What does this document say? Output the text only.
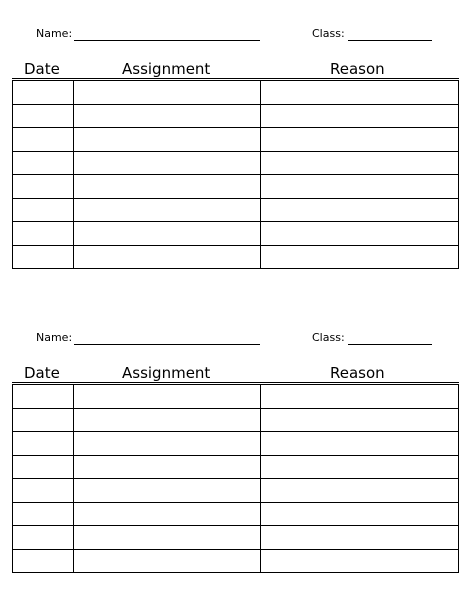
Name:	Class:
Date	Assignment	Reason

Name:	Class:
Date	Assignment	Reason
